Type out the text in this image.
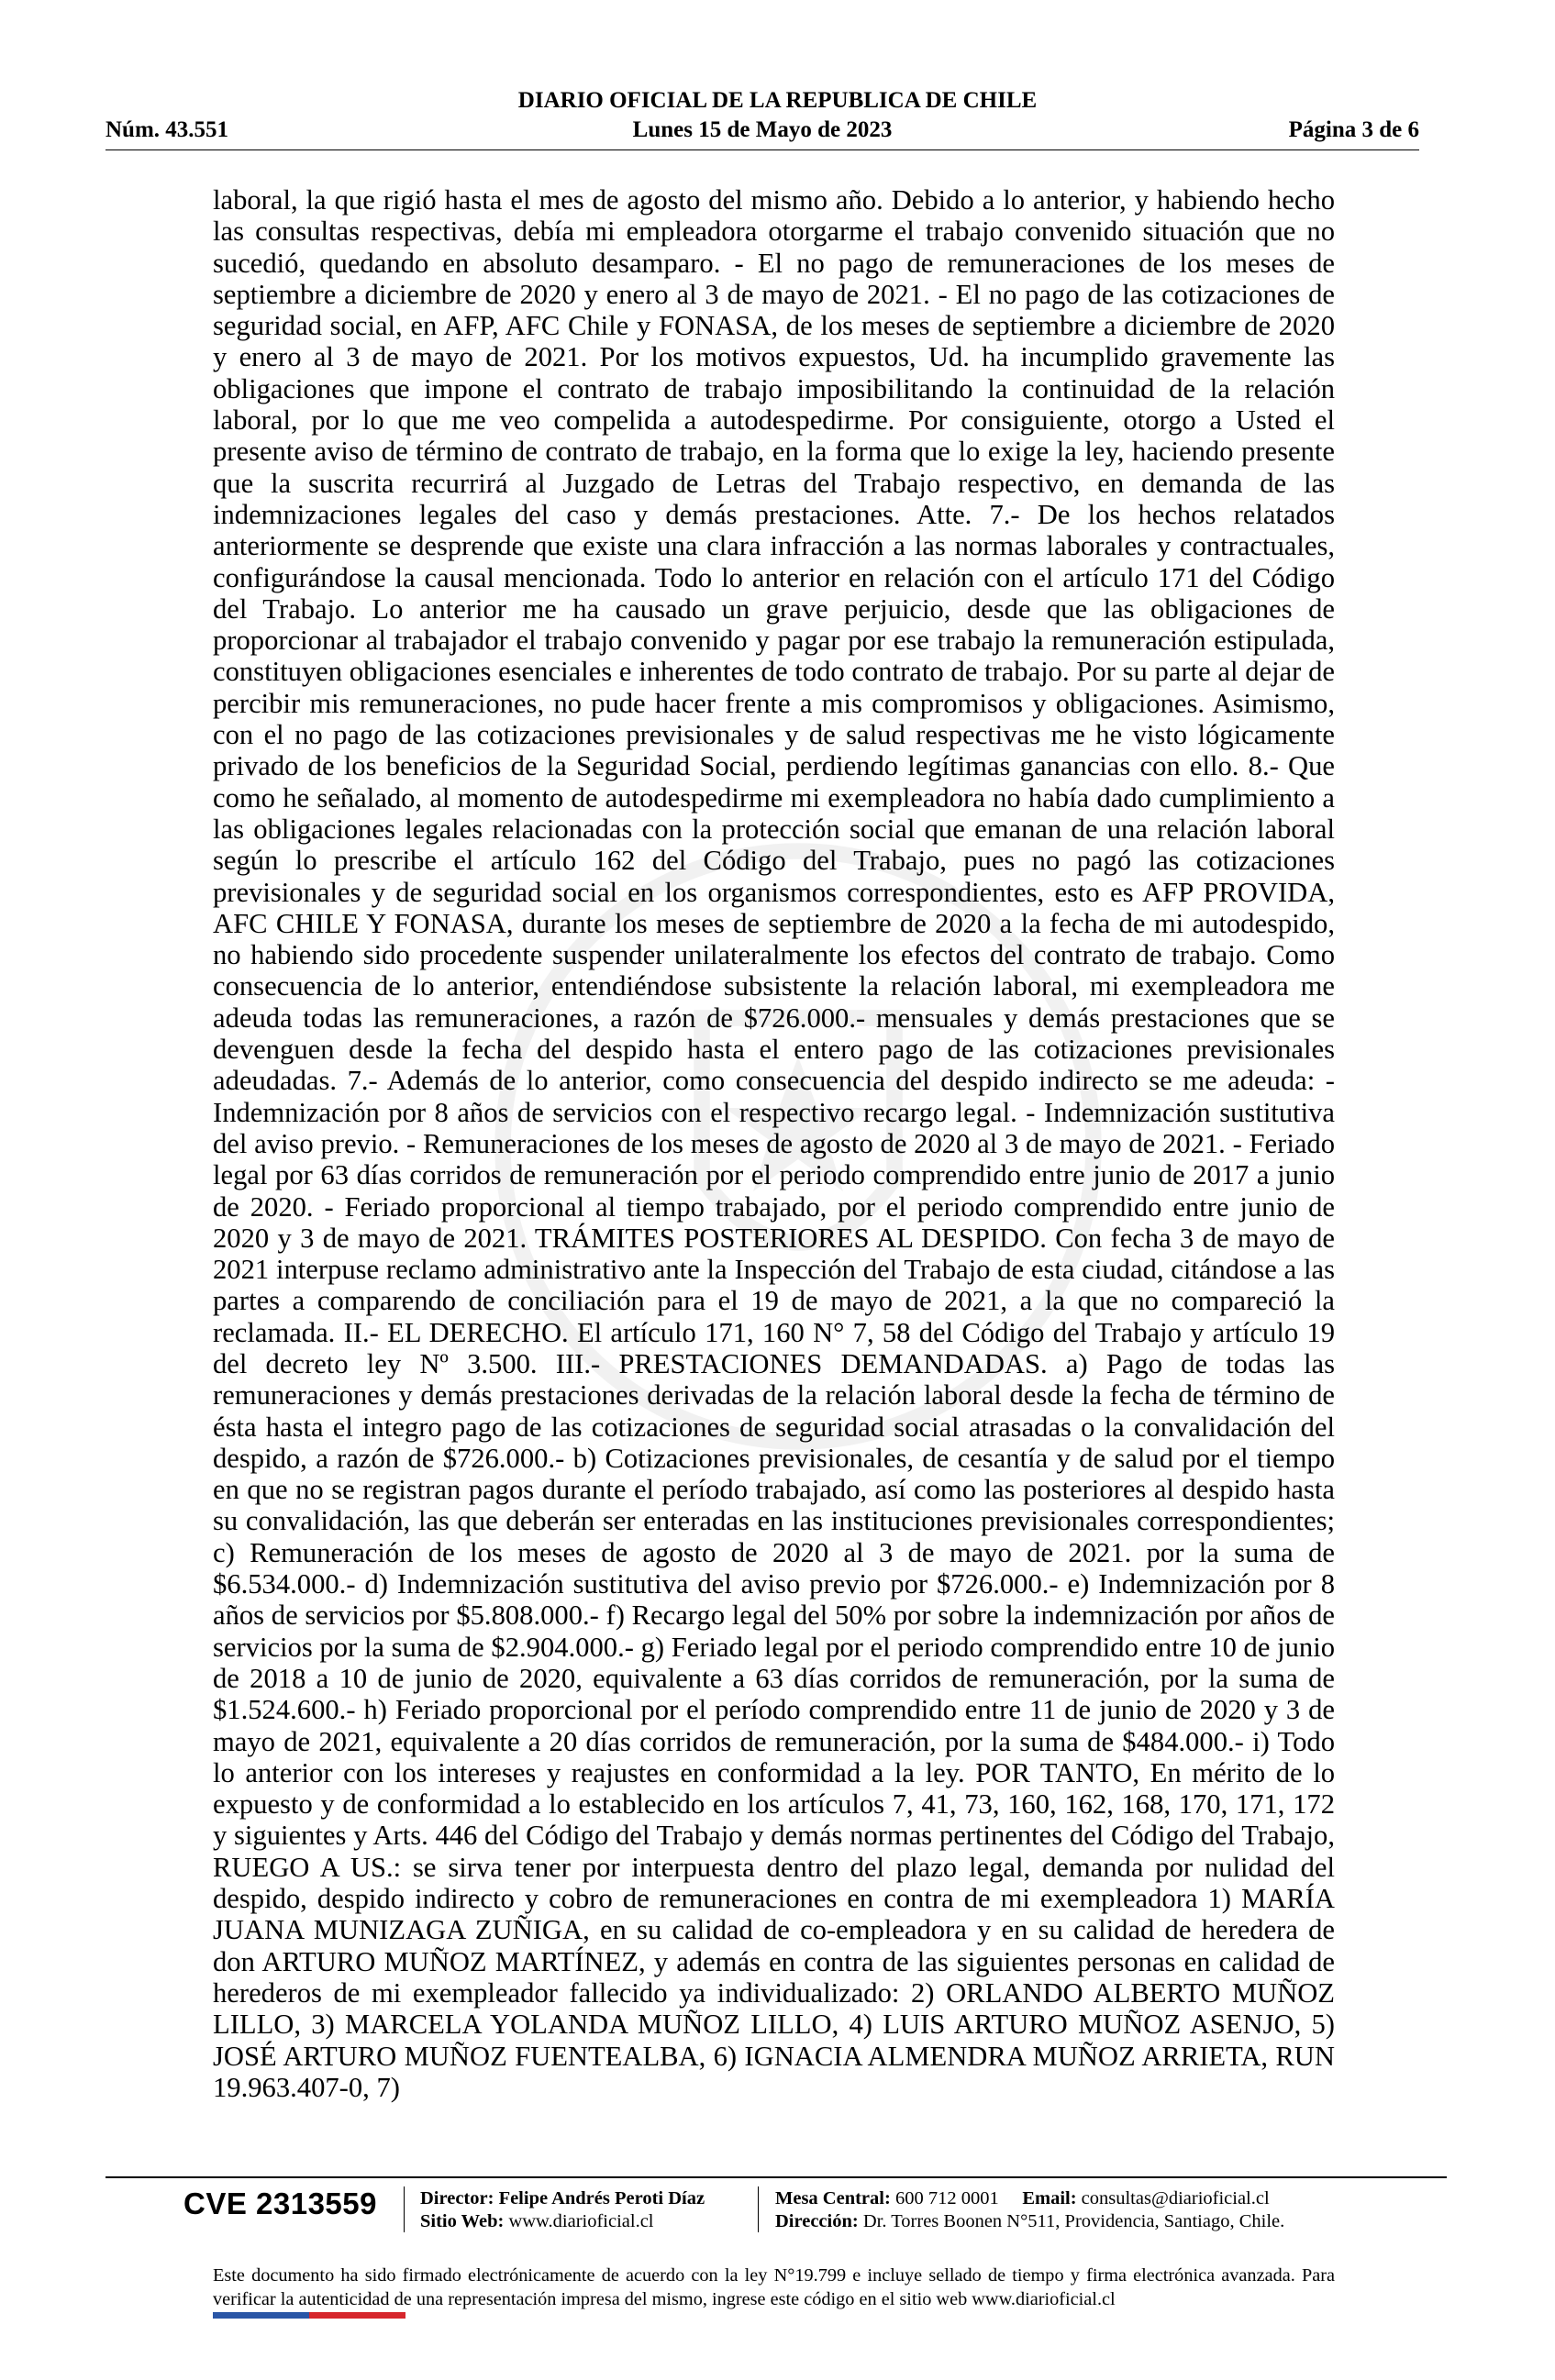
DIARIO OFICIAL DE LA REPUBLICA DE CHILE
Lunes 15 de Mayo de 2023
Núm. 43.551	Página 3 de 6
laboral, la que rigió hasta el mes de agosto del mismo año. Debido a lo anterior, y habiendo hecho las consultas respectivas, debía mi empleadora otorgarme el trabajo convenido situación que no sucedió, quedando en absoluto desamparo. - El no pago de remuneraciones de los meses de septiembre a diciembre de 2020 y enero al 3 de mayo de 2021. - El no pago de las cotizaciones de seguridad social, en AFP, AFC Chile y FONASA, de los meses de septiembre a diciembre de 2020 y enero al 3 de mayo de 2021. Por los motivos expuestos, Ud. ha incumplido gravemente las obligaciones que impone el contrato de trabajo imposibilitando la continuidad de la relación laboral, por lo que me veo compelida a autodespedirme. Por consiguiente, otorgo a Usted el presente aviso de término de contrato de trabajo, en la forma que lo exige la ley, haciendo presente que la suscrita recurrirá al Juzgado de Letras del Trabajo respectivo, en demanda de las indemnizaciones legales del caso y demás prestaciones. Atte. 7.- De los hechos relatados anteriormente se desprende que existe una clara infracción a las normas laborales y contractuales, configurándose la causal mencionada. Todo lo anterior en relación con el artículo 171 del Código del Trabajo. Lo anterior me ha causado un grave perjuicio, desde que las obligaciones de proporcionar al trabajador el trabajo convenido y pagar por ese trabajo la remuneración estipulada, constituyen obligaciones esenciales e inherentes de todo contrato de trabajo. Por su parte al dejar de percibir mis remuneraciones, no pude hacer frente a mis compromisos y obligaciones. Asimismo, con el no pago de las cotizaciones previsionales y de salud respectivas me he visto lógicamente privado de los beneficios de la Seguridad Social, perdiendo legítimas ganancias con ello. 8.- Que como he señalado, al momento de autodespedirme mi exempleadora no había dado cumplimiento a las obligaciones legales relacionadas con la protección social que emanan de una relación laboral según lo prescribe el artículo 162 del Código del Trabajo, pues no pagó las cotizaciones previsionales y de seguridad social en los organismos correspondientes, esto es AFP PROVIDA, AFC CHILE Y FONASA, durante los meses de septiembre de 2020 a la fecha de mi autodespido, no habiendo sido procedente suspender unilateralmente los efectos del contrato de trabajo. Como consecuencia de lo anterior, entendiéndose subsistente la relación laboral, mi exempleadora me adeuda todas las remuneraciones, a razón de $726.000.- mensuales y demás prestaciones que se devenguen desde la fecha del despido hasta el entero pago de las cotizaciones previsionales adeudadas. 7.- Además de lo anterior, como consecuencia del despido indirecto se me adeuda: - Indemnización por 8 años de servicios con el respectivo recargo legal. - Indemnización sustitutiva del aviso previo. - Remuneraciones de los meses de agosto de 2020 al 3 de mayo de 2021. - Feriado legal por 63 días corridos de remuneración por el periodo comprendido entre junio de 2017 a junio de 2020. - Feriado proporcional al tiempo trabajado, por el periodo comprendido entre junio de 2020 y 3 de mayo de 2021. TRÁMITES POSTERIORES AL DESPIDO. Con fecha 3 de mayo de 2021 interpuse reclamo administrativo ante la Inspección del Trabajo de esta ciudad, citándose a las partes a comparendo de conciliación para el 19 de mayo de 2021, a la que no compareció la reclamada. II.- EL DERECHO. El artículo 171, 160 N° 7, 58 del Código del Trabajo y artículo 19 del decreto ley Nº 3.500. III.- PRESTACIONES DEMANDADAS. a) Pago de todas las remuneraciones y demás prestaciones derivadas de la relación laboral desde la fecha de término de ésta hasta el integro pago de las cotizaciones de seguridad social atrasadas o la convalidación del despido, a razón de $726.000.- b) Cotizaciones previsionales, de cesantía y de salud por el tiempo en que no se registran pagos durante el período trabajado, así como las posteriores al despido hasta su convalidación, las que deberán ser enteradas en las instituciones previsionales correspondientes; c) Remuneración de los meses de agosto de 2020 al 3 de mayo de 2021. por la suma de $6.534.000.- d) Indemnización sustitutiva del aviso previo por $726.000.- e) Indemnización por 8 años de servicios por $5.808.000.- f) Recargo legal del 50% por sobre la indemnización por años de servicios por la suma de $2.904.000.- g) Feriado legal por el periodo comprendido entre 10 de junio de 2018 a 10 de junio de 2020, equivalente a 63 días corridos de remuneración, por la suma de $1.524.600.- h) Feriado proporcional por el período comprendido entre 11 de junio de 2020 y 3 de mayo de 2021, equivalente a 20 días corridos de remuneración, por la suma de $484.000.- i) Todo lo anterior con los intereses y reajustes en conformidad a la ley. POR TANTO, En mérito de lo expuesto y de conformidad a lo establecido en los artículos 7, 41, 73, 160, 162, 168, 170, 171, 172 y siguientes y Arts. 446 del Código del Trabajo y demás normas pertinentes del Código del Trabajo, RUEGO A US.: se sirva tener por interpuesta dentro del plazo legal, demanda por nulidad del despido, despido indirecto y cobro de remuneraciones en contra de mi exempleadora 1) MARÍA JUANA MUNIZAGA ZUÑIGA, en su calidad de co-empleadora y en su calidad de heredera de don ARTURO MUÑOZ MARTÍNEZ, y además en contra de las siguientes personas en calidad de herederos de mi exempleador fallecido ya individualizado: 2) ORLANDO ALBERTO MUÑOZ LILLO, 3) MARCELA YOLANDA MUÑOZ LILLO, 4) LUIS ARTURO MUÑOZ ASENJO, 5) JOSÉ ARTURO MUÑOZ FUENTEALBA, 6) IGNACIA ALMENDRA MUÑOZ ARRIETA, RUN 19.963.407-0, 7)
CVE 2313559 Director: Felipe Andrés Peroti Díaz
Sitio Web: www.diarioficial.cl
Mesa Central: 600 712 0001 Email: consultas@diarioficial.cl
Dirección: Dr. Torres Boonen N°511, Providencia, Santiago, Chile.
Este documento ha sido firmado electrónicamente de acuerdo con la ley N°19.799 e incluye sellado de tiempo y firma electrónica avanzada. Para verificar la autenticidad de una representación impresa del mismo, ingrese este código en el sitio web www.diarioficial.cl
